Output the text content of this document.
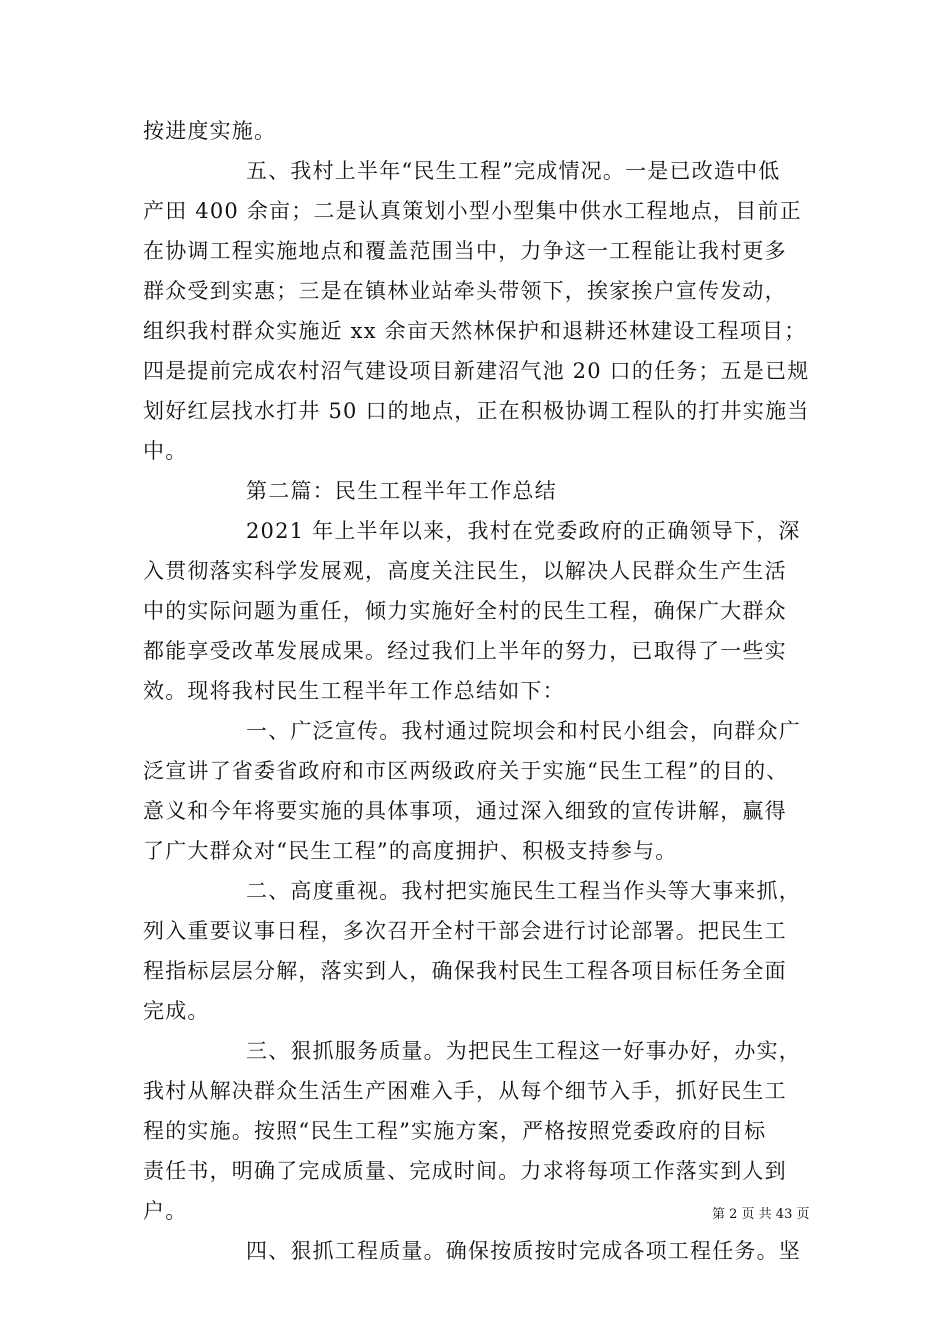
按进度实施。
五、我村上半年“民生工程”完成情况。一是已改造中低
产田 400 余亩；二是认真策划小型小型集中供水工程地点，目前正
在协调工程实施地点和覆盖范围当中，力争这一工程能让我村更多
群众受到实惠；三是在镇林业站牵头带领下，挨家挨户宣传发动，
组织我村群众实施近 xx 余亩天然林保护和退耕还林建设工程项目；
四是提前完成农村沼气建设项目新建沼气池 20 口的任务；五是已规
划好红层找水打井 50 口的地点，正在积极协调工程队的打井实施当
中。
第二篇：民生工程半年工作总结
2021 年上半年以来，我村在党委政府的正确领导下，深
入贯彻落实科学发展观，高度关注民生，以解决人民群众生产生活
中的实际问题为重任，倾力实施好全村的民生工程，确保广大群众
都能享受改革发展成果。经过我们上半年的努力，已取得了一些实
效。现将我村民生工程半年工作总结如下：
一、广泛宣传。我村通过院坝会和村民小组会，向群众广
泛宣讲了省委省政府和市区两级政府关于实施“民生工程”的目的、
意义和今年将要实施的具体事项，通过深入细致的宣传讲解，赢得
了广大群众对“民生工程”的高度拥护、积极支持参与。
二、高度重视。我村把实施民生工程当作头等大事来抓，
列入重要议事日程，多次召开全村干部会进行讨论部署。把民生工
程指标层层分解，落实到人，确保我村民生工程各项目标任务全面
完成。
三、狠抓服务质量。为把民生工程这一好事办好，办实，
我村从解决群众生活生产困难入手，从每个细节入手，抓好民生工
程的实施。按照“民生工程”实施方案，严格按照党委政府的目标
责任书，明确了完成质量、完成时间。力求将每项工作落实到人到
户。
四、狠抓工程质量。确保按质按时完成各项工程任务。坚
第 2 页 共 43 页
